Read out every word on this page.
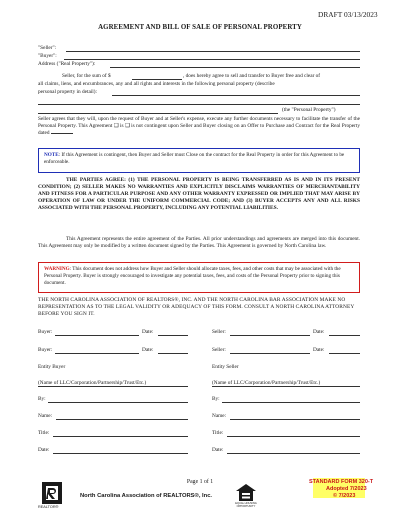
DRAFT 03/13/2023
AGREEMENT AND BILL OF SALE OF PERSONAL PROPERTY
"Seller":
"Buyer":
Address ("Real Property"):
Seller, for the sum of $	, does hereby agree to sell and transfer to Buyer free and clear of
all claims, liens, and encumbrances, any and all rights and interests in the following personal property (describe
personal property in detail):
(the "Personal Property")
Seller agrees that they will, upon the request of Buyer and at Seller's expense, execute any further documents necessary to facilitate the transfer of the Personal Property. This Agreement ❑ is ❑ is not contingent upon Seller and Buyer closing on an Offer to Purchase and Contract for the Real Property dated
NOTE: If this Agreement is contingent, then Buyer and Seller must Close on the contract for the Real Property in order for this Agreement to be enforceable.
THE PARTIES AGREE: (1) THE PERSONAL PROPERTY IS BEING TRANSFERRED AS IS AND IN ITS PRESENT CONDITION; (2) SELLER MAKES NO WARRANTIES AND EXPLICITLY DISCLAIMS WARRANTIES OF MERCHANTABILITY AND FITNESS FOR A PARTICULAR PURPOSE AND ANY OTHER WARRANTY EXPRESSED OR IMPLIED THAT MAY ARISE BY OPERATION OF LAW OR UNDER THE UNIFORM COMMERCIAL CODE; AND (3) BUYER ACCEPTS ANY AND ALL RISKS ASSOCIATED WITH THE PERSONAL PROPERTY, INCLUDING ANY POTENTIAL LIABILITIES.
This Agreement represents the entire agreement of the Parties. All prior understandings and agreements are merged into this document. This Agreement may only be modified by a written document signed by the Parties. This Agreement is governed by North Carolina law.
WARNING: This document does not address how Buyer and Seller should allocate taxes, fees, and other costs that may be associated with the Personal Property. Buyer is strongly encouraged to investigate any potential taxes, fees, and costs of the Personal Property prior to signing this document.
THE NORTH CAROLINA ASSOCIATION OF REALTORS®, INC. AND THE NORTH CAROLINA BAR ASSOCIATION MAKE NO REPRESENTATION AS TO THE LEGAL VALIDITY OR ADEQUACY OF THIS FORM. CONSULT A NORTH CAROLINA ATTORNEY BEFORE YOU SIGN IT.
Buyer:	Date:
Buyer:	Date:
Entity Buyer
(Name of LLC/Corporation/Partnership/Trust/Etc.)
By:
Name:
Title:
Date:
Seller:	Date:
Seller:	Date:
Entity Seller
(Name of LLC/Corporation/Partnership/Trust/Etc.)
By:
Name:
Title:
Date:
Page 1 of 1
REALTOR®
North Carolina Association of REALTORS®, Inc.
EQUAL HOUSING OPPORTUNITY
STANDARD FORM 320-T
Adopted 7/2023
© 7/2023
